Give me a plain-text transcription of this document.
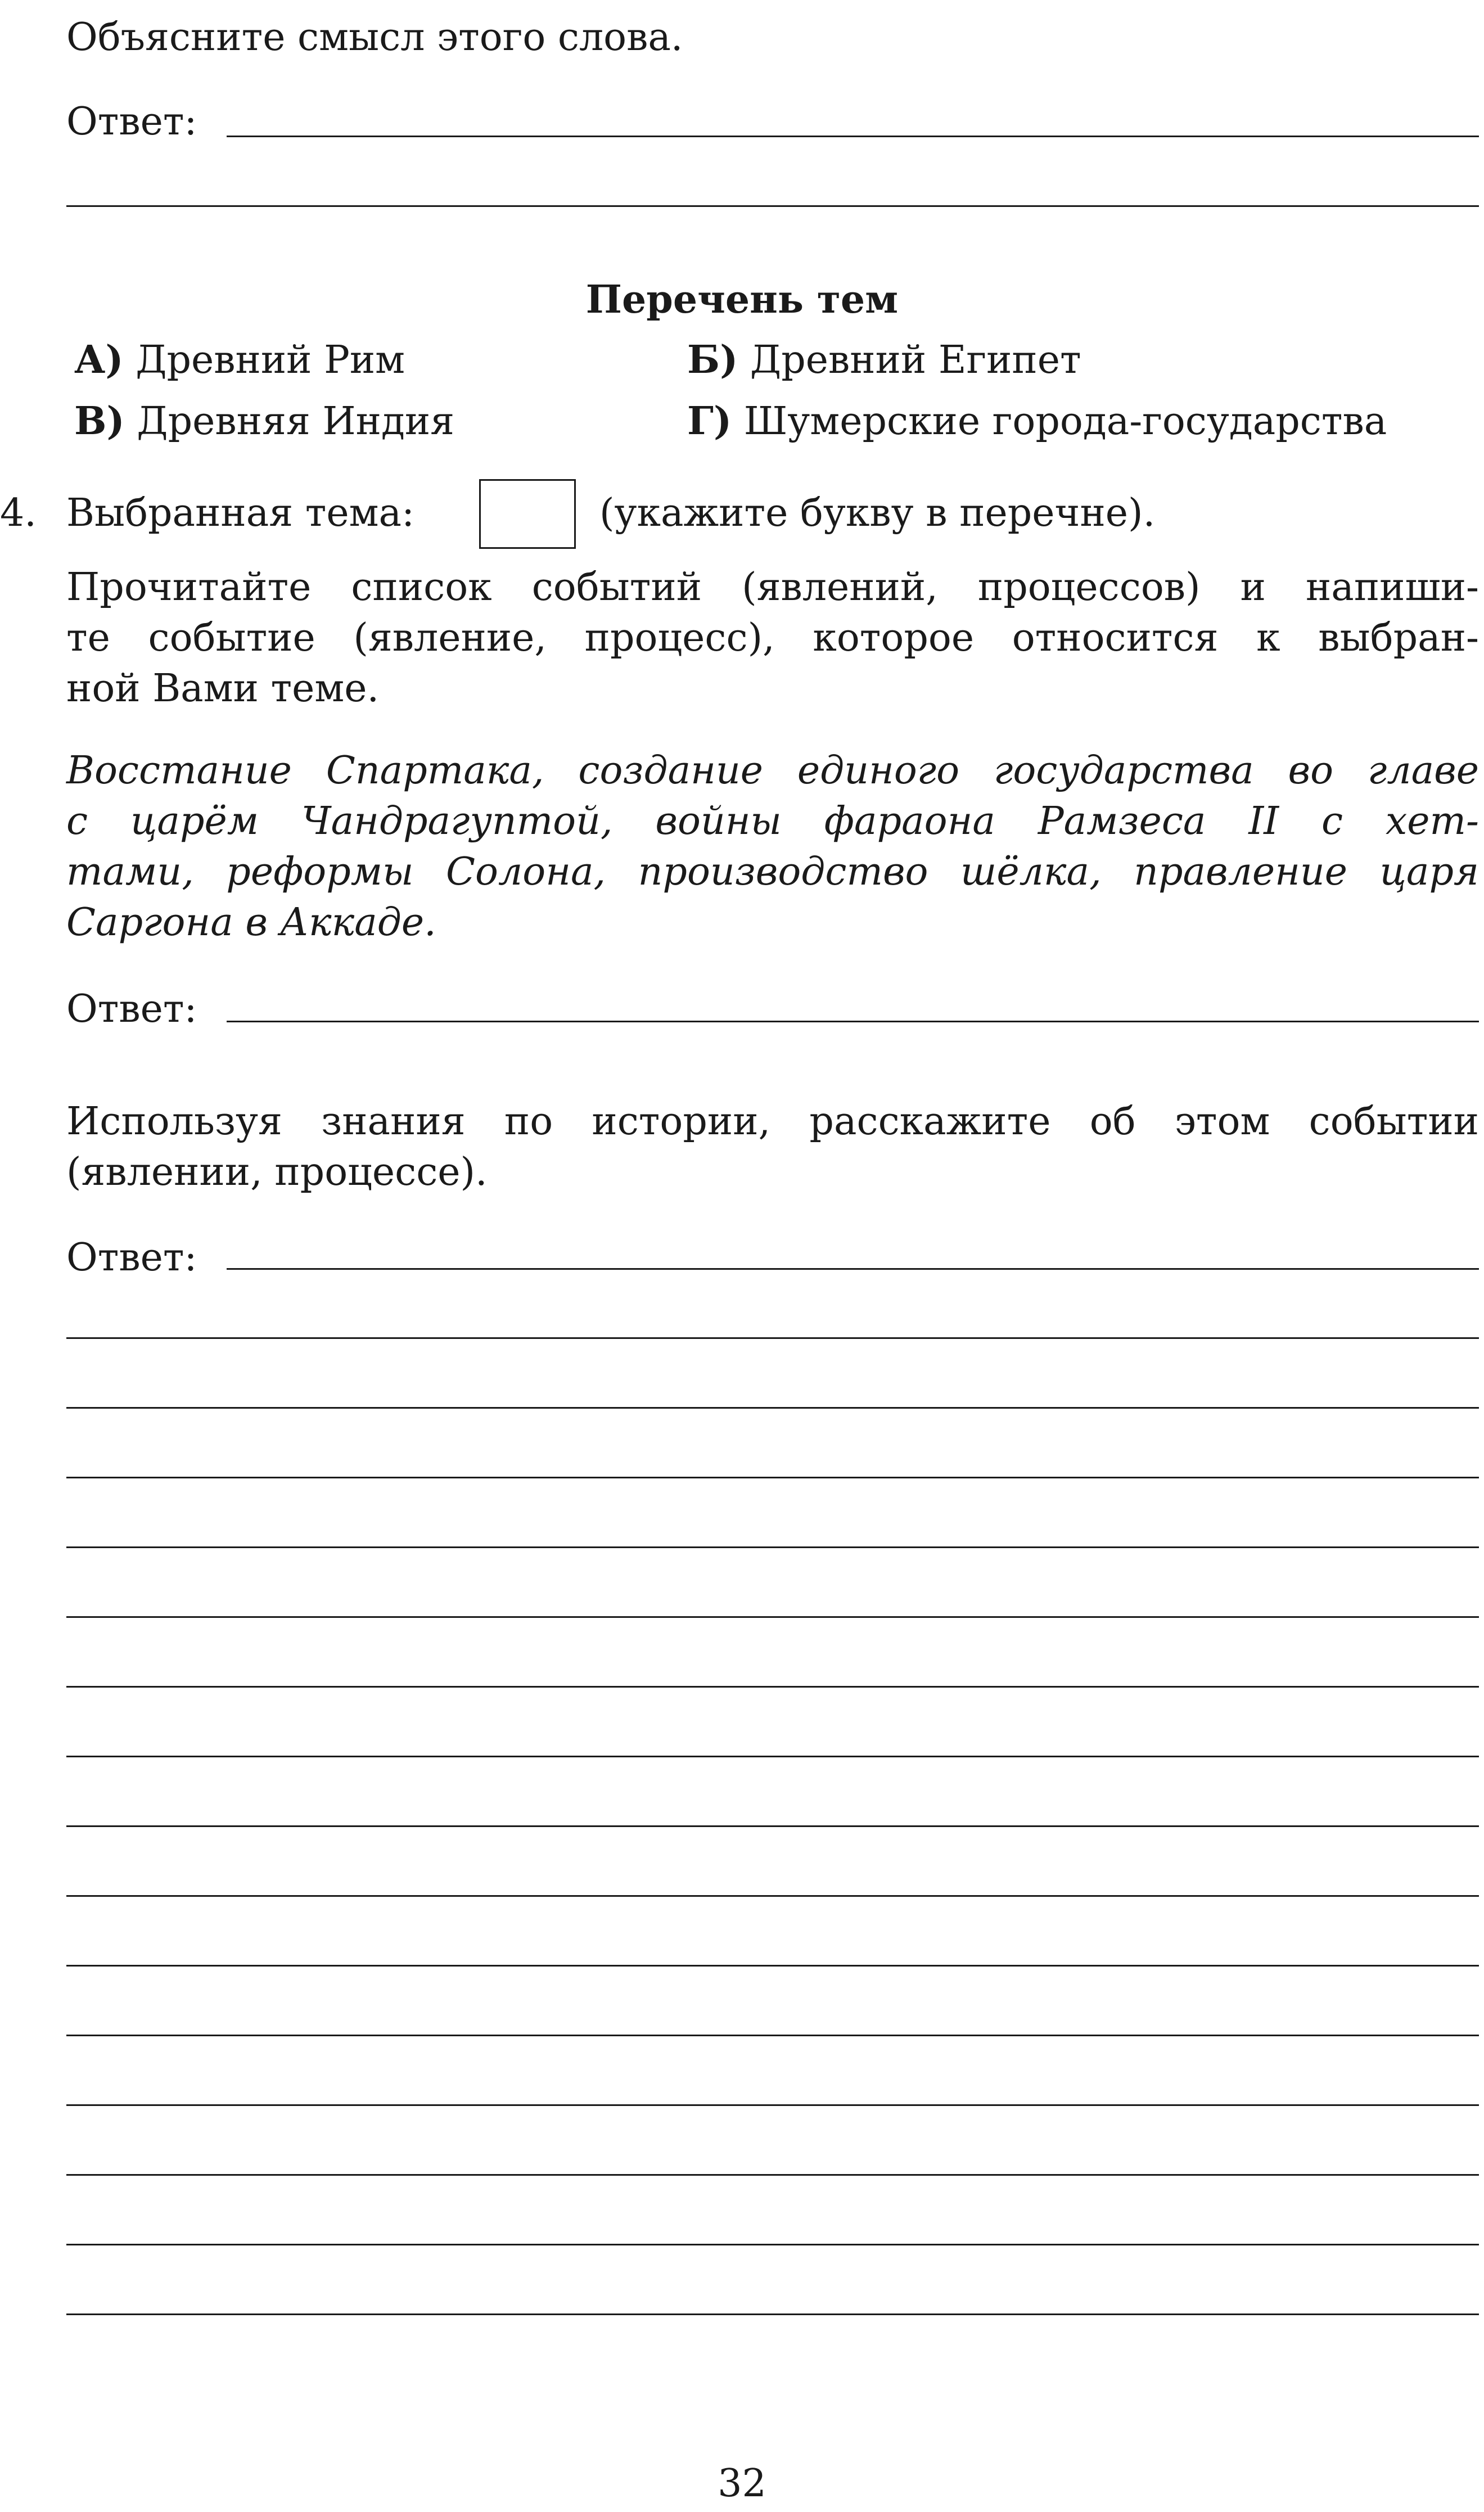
Объясните смысл этого слова.
Ответ:
Перечень тем
А) Древний Рим	Б) Древний Египет
В) Древняя Индия	Г) Шумерские города-государства
4. Выбранная тема:	(укажите букву в перечне).
Прочитайте список событий (явлений, процессов) и напиши-
те событие (явление, процесс), которое относится к выбран-
ной Вами теме.
Восстание Спартака, создание единого государства во главе
с царём Чандрагуптой, войны фараона Рамзеса II с хет-
тами, реформы Солона, производство шёлка, правление царя
Саргона в Аккаде.
Ответ:
Используя знания по истории, расскажите об этом событии
(явлении, процессе).
Ответ:
32
